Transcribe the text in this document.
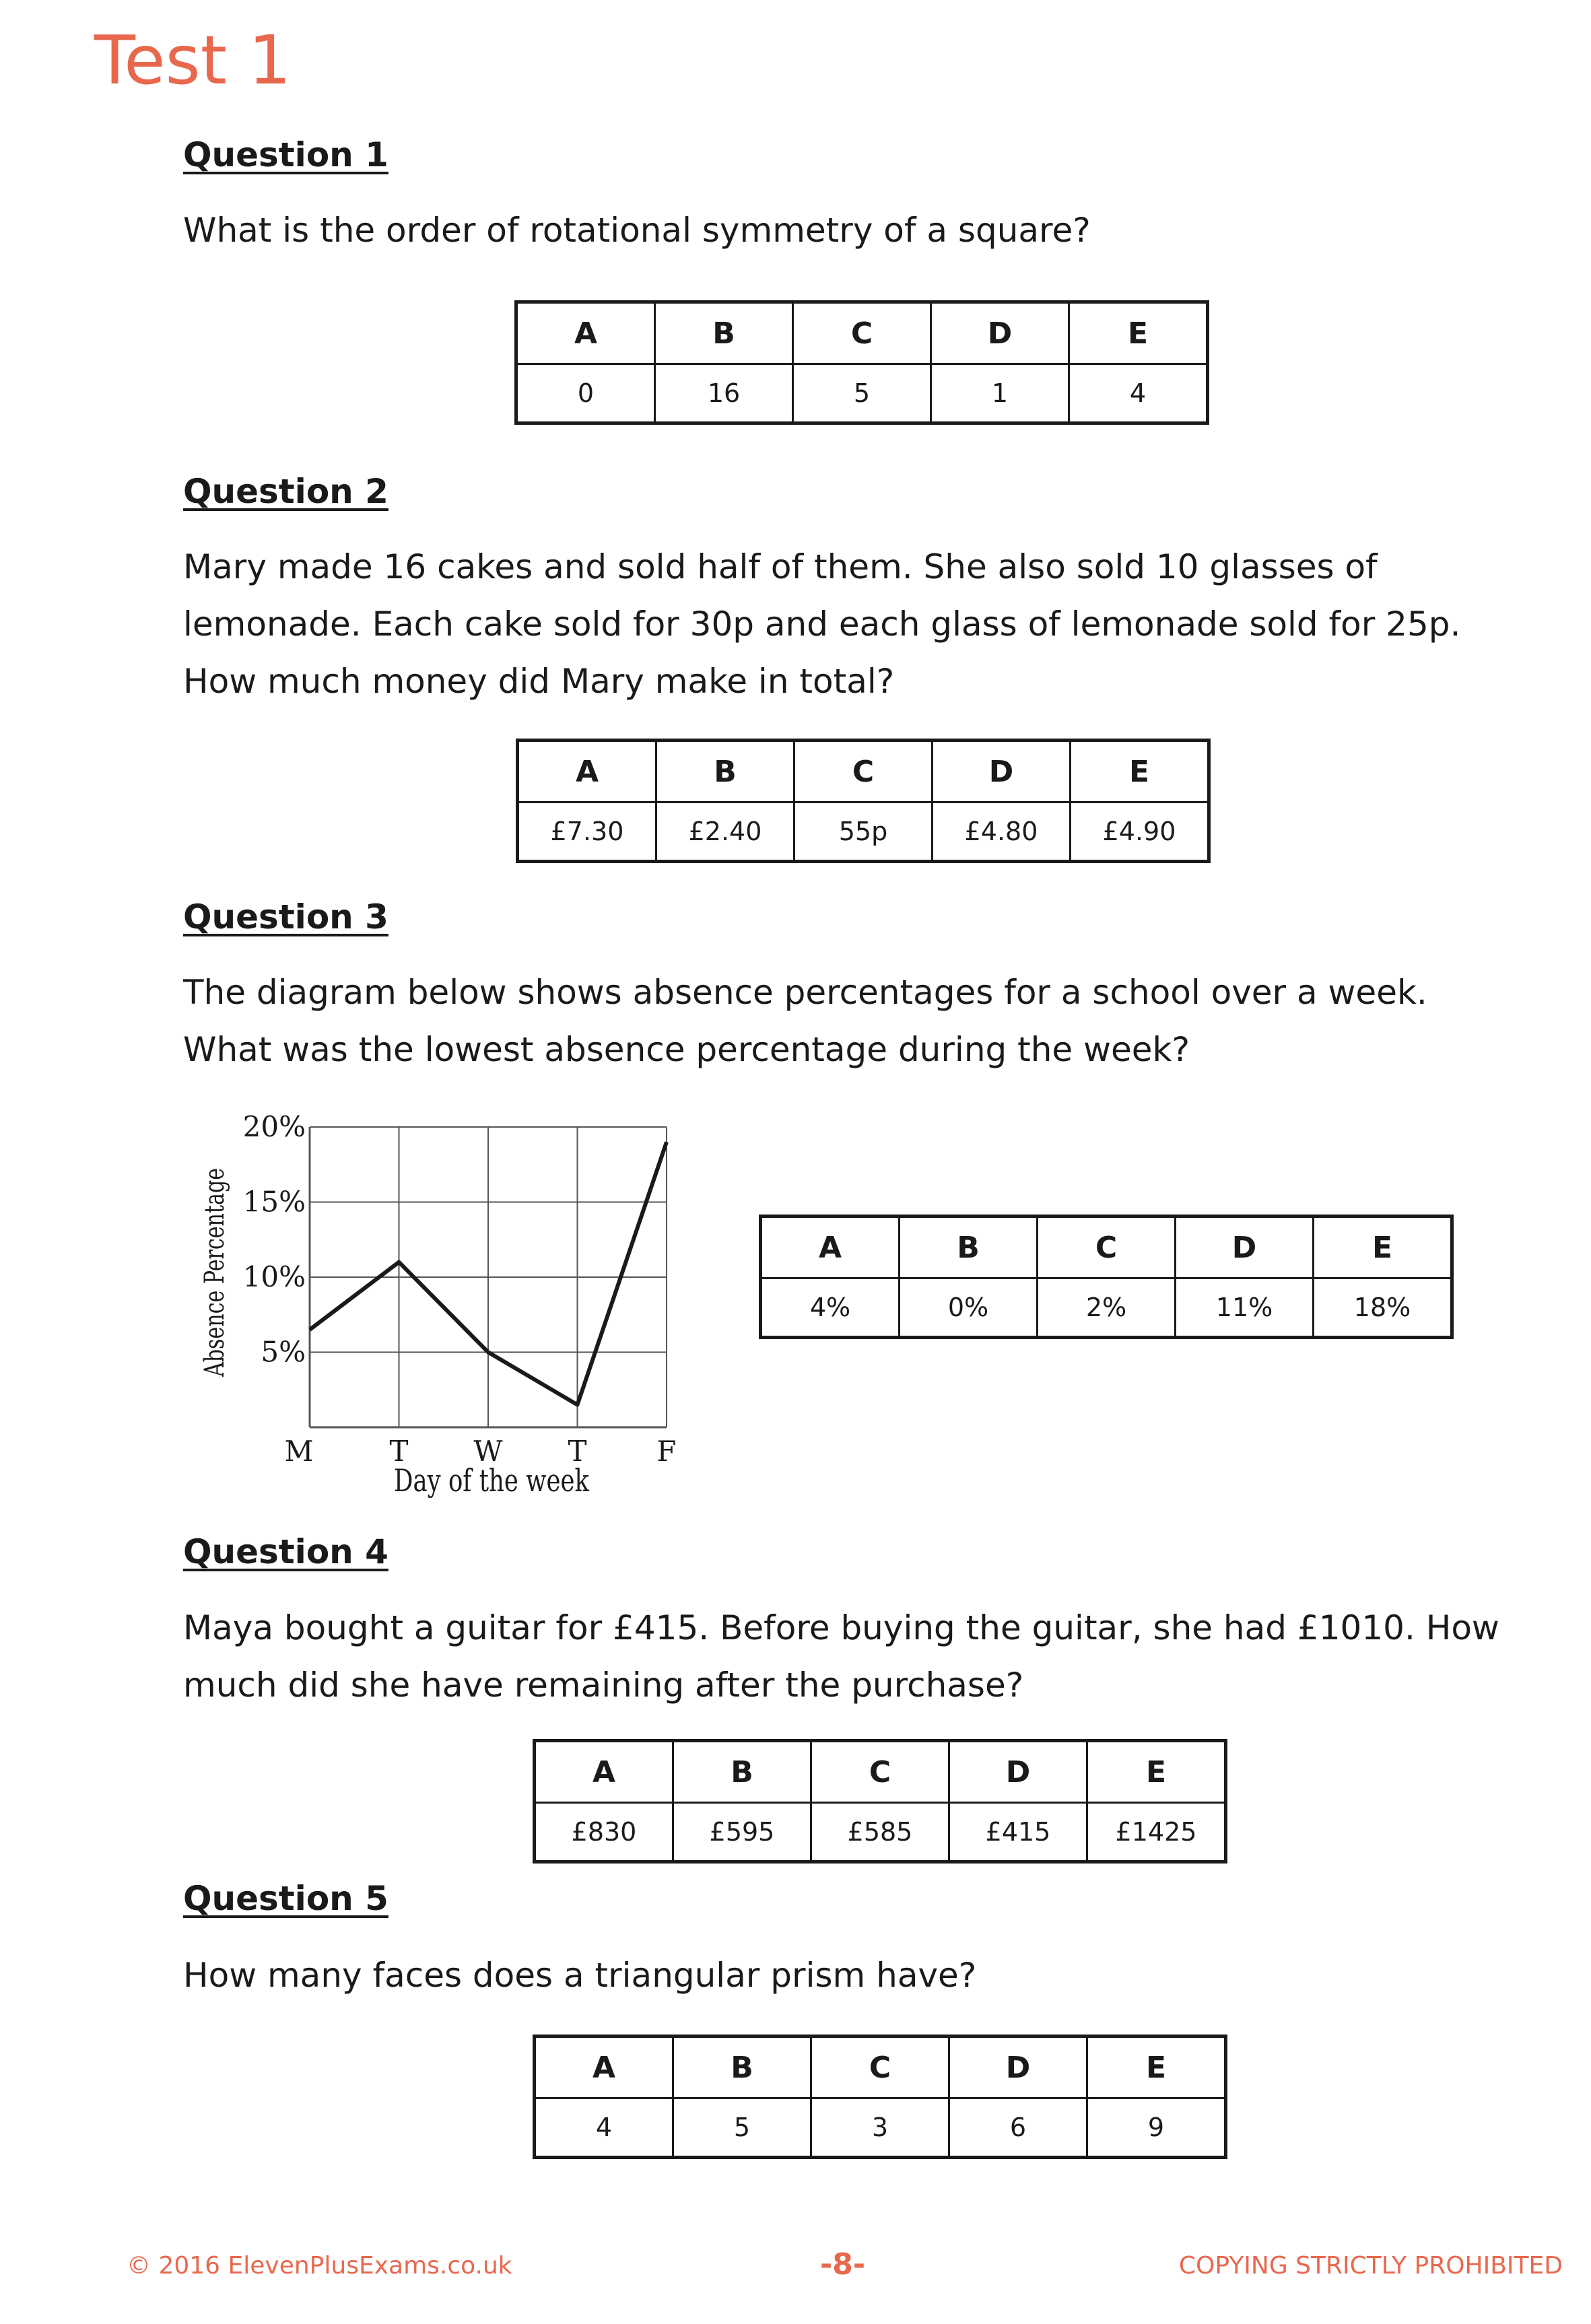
Test 1
Question 1
What is the order of rotational symmetry of a square?
A	B	C	D	E
0	16	5	1	4
Question 2
Mary made 16 cakes and sold half of them. She also sold 10 glasses of lemonade. Each cake sold for 30p and each glass of lemonade sold for 25p. How much money did Mary make in total?
A	B	C	D	E
£7.30	£2.40	55p	£4.80	£4.90
Question 3
The diagram below shows absence percentages for a school over a week. What was the lowest absence percentage during the week?
5%
10%
15%
20%
M	T W T F
Absence Percentage
Day of the week
A	B	C	D	E
4%	0%	2%	11%	18%
Question 4
Maya bought a guitar for £415. Before buying the guitar, she had £1010. How much did she have remaining after the purchase?
A	B	C	D	E
£830	£595	£585	£415	£1425
Question 5
How many faces does a triangular prism have?
A	B	C	D	E
4	5	3	6	9
© 2016 ElevenPlusExams.co.uk	-8-	COPYING STRICTLY PROHIBITED
